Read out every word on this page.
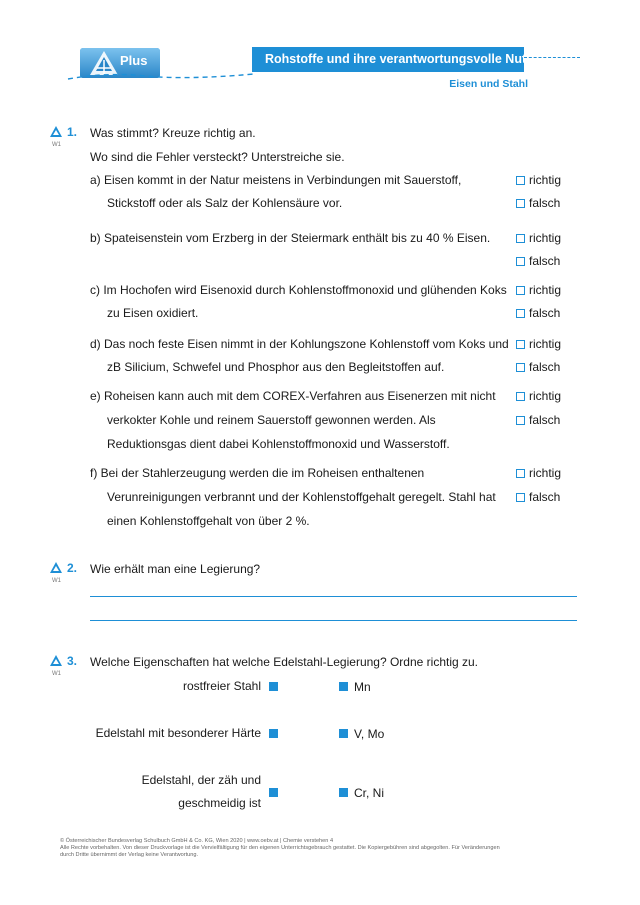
Plus	Rohstoffe und ihre verantwortungsvolle Nutzung
Eisen und Stahl
W1
1. Was stimmt? Kreuze richtig an.
Wo sind die Fehler versteckt? Unterstreiche sie.
a) Eisen kommt in der Natur meistens in Verbindungen mit Sauerstoff,
Stickstoff oder als Salz der Kohlensäure vor.
richtig
falsch
b) Spateisenstein vom Erzberg in der Steiermark enthält bis zu 40 % Eisen.	richtig
falsch
c) Im Hochofen wird Eisenoxid durch Kohlenstoffmonoxid und glühenden Koks
zu Eisen oxidiert.
richtig
falsch
d) Das noch feste Eisen nimmt in der Kohlungszone Kohlenstoff vom Koks und
zB Silicium, Schwefel und Phosphor aus den Begleitstoffen auf.
richtig
falsch
e) Roheisen kann auch mit dem COREX-Verfahren aus Eisenerzen mit nicht
verkokter Kohle und reinem Sauerstoff gewonnen werden. Als
Reduktionsgas dient dabei Kohlenstoffmonoxid und Wasserstoff.
richtig
falsch
f) Bei der Stahlerzeugung werden die im Roheisen enthaltenen
Verunreinigungen verbrannt und der Kohlenstoffgehalt geregelt. Stahl hat
einen Kohlenstoffgehalt von über 2 %.
richtig
falsch
W1
2. Wie erhält man eine Legierung?
W1
3. Welche Eigenschaften hat welche Edelstahl-Legierung? Ordne richtig zu.
rostfreier Stahl
Edelstahl mit besonderer Härte
Edelstahl, der zäh und
geschmeidig ist
Mn
V, Mo
Cr, Ni
© Österreichischer Bundesverlag Schulbuch GmbH & Co. KG, Wien 2020 | www.oebv.at | Chemie verstehen 4
Alle Rechte vorbehalten. Von dieser Druckvorlage ist die Vervielfältigung für den eigenen Unterrichtsgebrauch gestattet. Die Kopiergebühren sind abgegolten. Für Veränderungen
durch Dritte übernimmt der Verlag keine Verantwortung.
